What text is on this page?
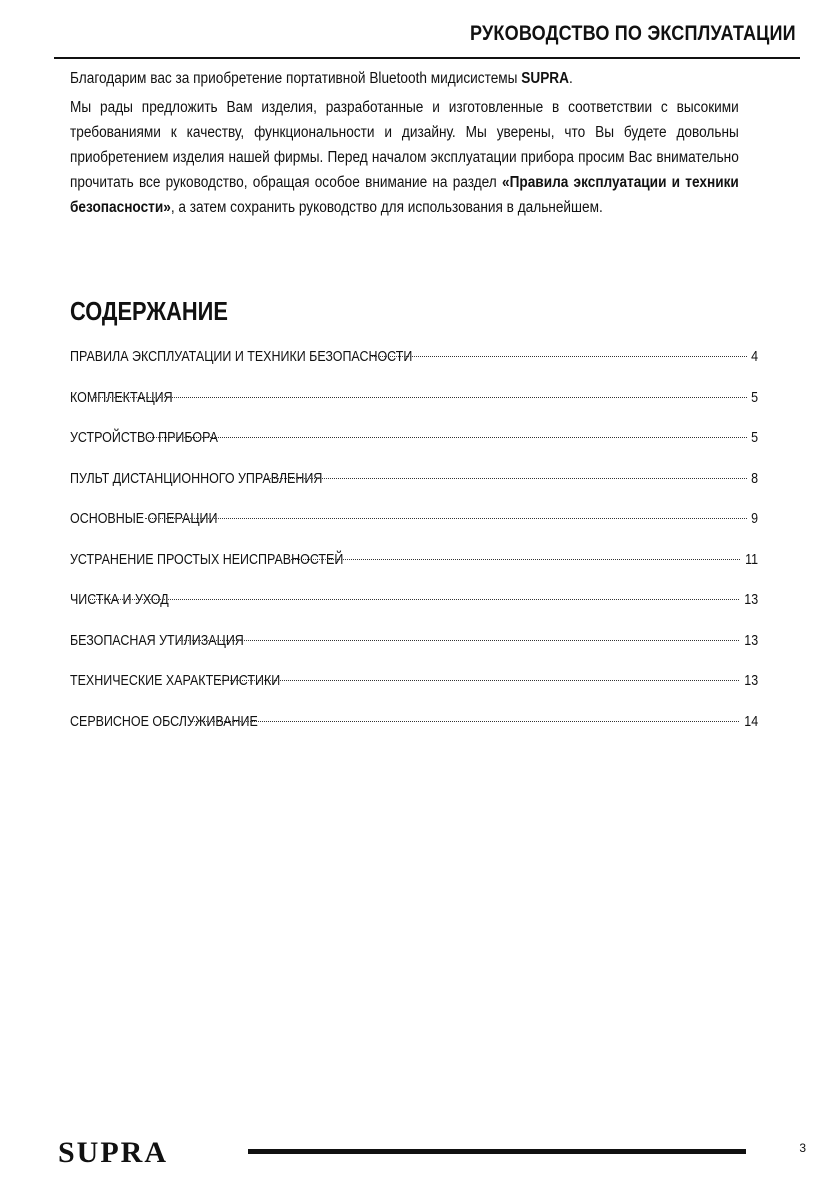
РУКОВОДСТВО ПО ЭКСПЛУАТАЦИИ

Благодарим вас за приобретение портативной Bluetooth мидисистемы SUPRA.

Мы рады предложить Вам изделия, разработанные и изготовленные в соответствии с высокими требованиями к качеству, функциональности и дизайну. Мы уверены, что Вы будете довольны приобретением изделия нашей фирмы. Перед началом эксплуатации прибора просим Вас внимательно прочитать все руководство, обращая особое внимание на раздел «Правила эксплуатации и техники безопасности», а затем сохранить руководство для использования в дальнейшем.

СОДЕРЖАНИЕ
ПРАВИЛА ЭКСПЛУАТАЦИИ И ТЕХНИКИ БЕЗОПАСНОСТИ	4
КОМПЛЕКТАЦИЯ	5
УСТРОЙСТВО ПРИБОРА	5
ПУЛЬТ ДИСТАНЦИОННОГО УПРАВЛЕНИЯ	8
ОСНОВНЫЕ ОПЕРАЦИИ	9
УСТРАНЕНИЕ ПРОСТЫХ НЕИСПРАВНОСТЕЙ	11
ЧИСТКА И УХОД	13
БЕЗОПАСНАЯ УТИЛИЗАЦИЯ	13
ТЕХНИЧЕСКИЕ ХАРАКТЕРИСТИКИ	13
СЕРВИСНОЕ ОБСЛУЖИВАНИЕ	14
SUPRA	3
